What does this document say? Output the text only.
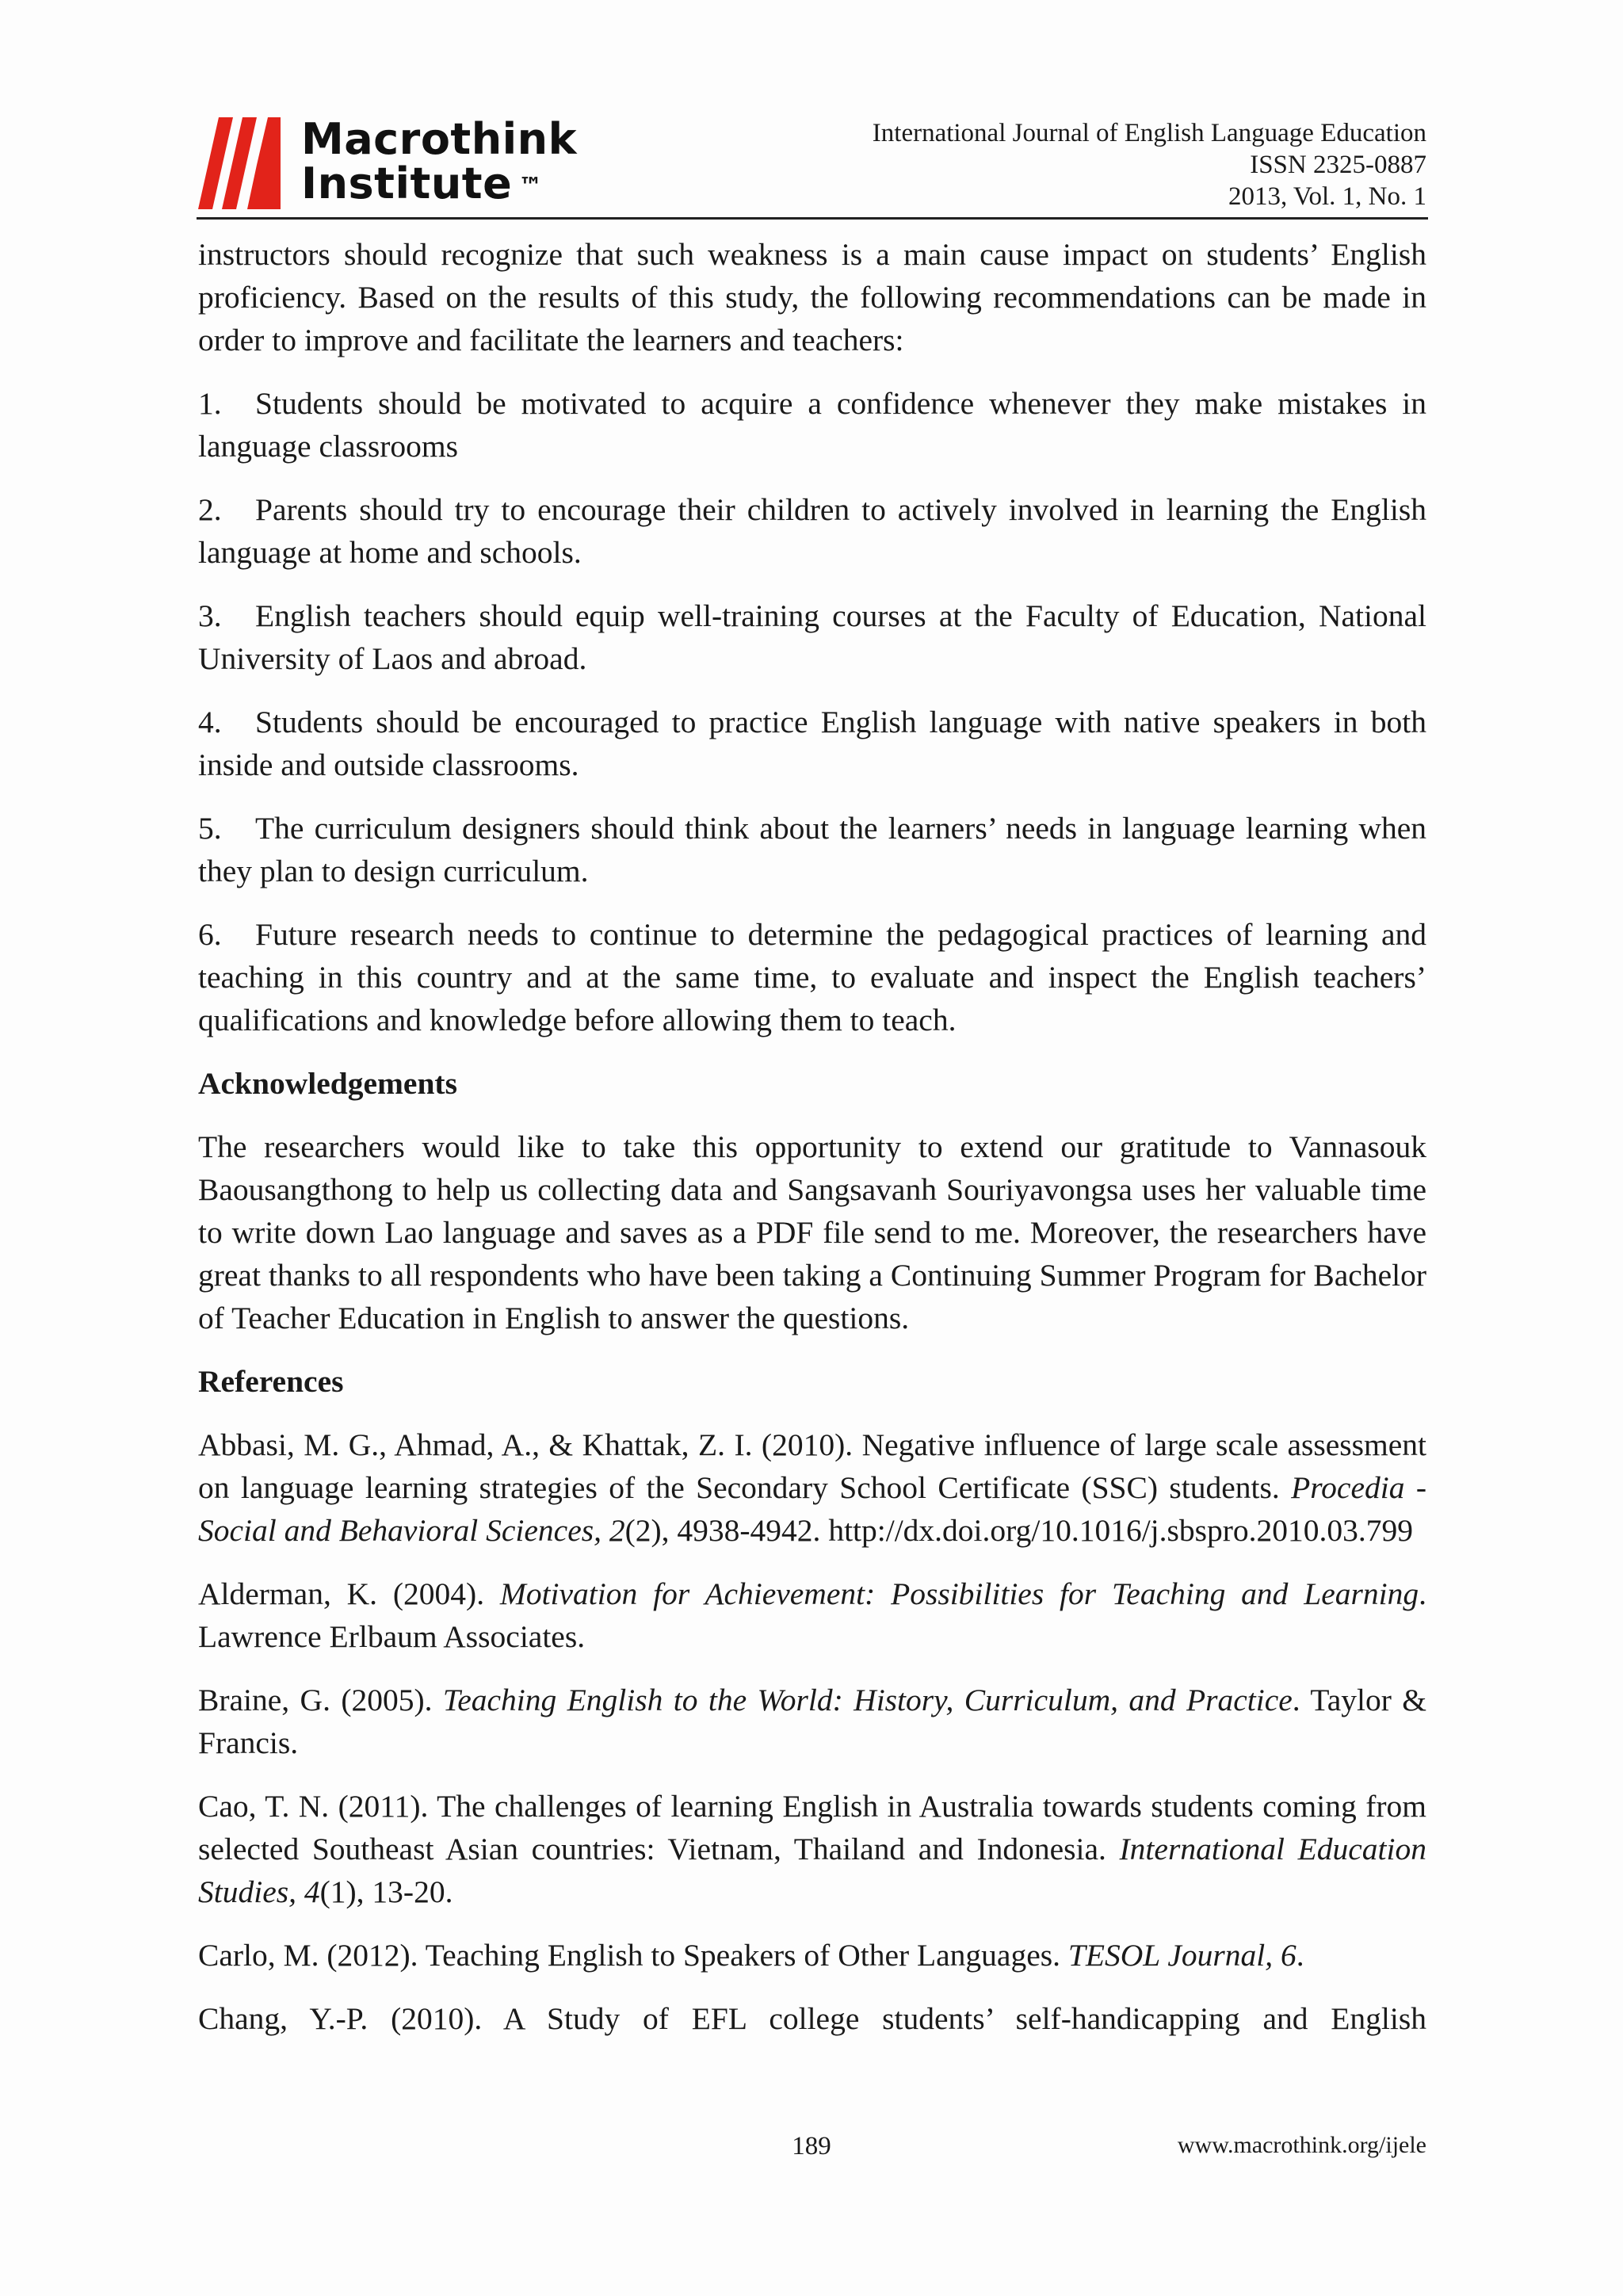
Macrothink
Institute ™
International Journal of English Language Education
ISSN 2325-0887
2013, Vol. 1, No. 1

instructors should recognize that such weakness is a main cause impact on students’ English proficiency. Based on the results of this study, the following recommendations can be made in order to improve and facilitate the learners and teachers:

1. Students should be motivated to acquire a confidence whenever they make mistakes in language classrooms

2. Parents should try to encourage their children to actively involved in learning the English language at home and schools.

3. English teachers should equip well-training courses at the Faculty of Education, National University of Laos and abroad.

4. Students should be encouraged to practice English language with native speakers in both inside and outside classrooms.

5. The curriculum designers should think about the learners’ needs in language learning when they plan to design curriculum.

6. Future research needs to continue to determine the pedagogical practices of learning and teaching in this country and at the same time, to evaluate and inspect the English teachers’ qualifications and knowledge before allowing them to teach.

Acknowledgements

The researchers would like to take this opportunity to extend our gratitude to Vannasouk Baousangthong to help us collecting data and Sangsavanh Souriyavongsa uses her valuable time to write down Lao language and saves as a PDF file send to me. Moreover, the researchers have great thanks to all respondents who have been taking a Continuing Summer Program for Bachelor of Teacher Education in English to answer the questions.

References

Abbasi, M. G., Ahmad, A., & Khattak, Z. I. (2010). Negative influence of large scale assessment on language learning strategies of the Secondary School Certificate (SSC) students. Procedia - Social and Behavioral Sciences, 2(2), 4938-4942. http://dx.doi.org/10.1016/j.sbspro.2010.03.799

Alderman, K. (2004). Motivation for Achievement: Possibilities for Teaching and Learning. Lawrence Erlbaum Associates.

Braine, G. (2005). Teaching English to the World: History, Curriculum, and Practice. Taylor & Francis.

Cao, T. N. (2011). The challenges of learning English in Australia towards students coming from selected Southeast Asian countries: Vietnam, Thailand and Indonesia. International Education Studies, 4(1), 13-20.

Carlo, M. (2012). Teaching English to Speakers of Other Languages. TESOL Journal, 6.

Chang, Y.-P. (2010). A Study of EFL college students’ self-handicapping and English

189	www.macrothink.org/ijele
